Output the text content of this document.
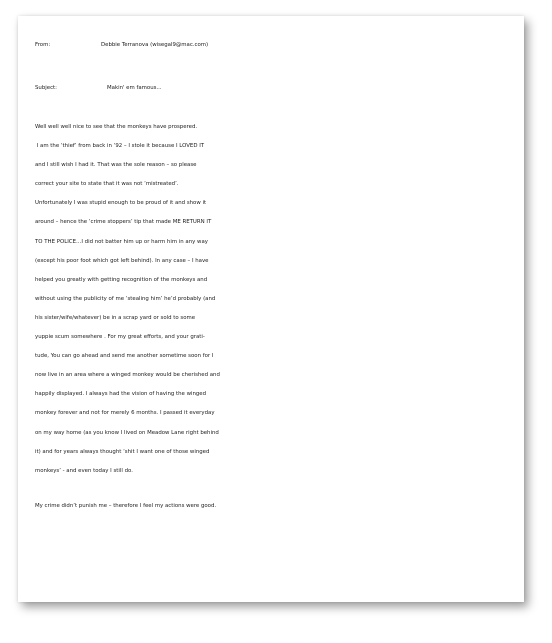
From:	Debbie Terranova (wisegal9@mac.com)
Subject:	Makin' em famous...
Well well well nice to see that the monkeys have prospered.
I am the ‘thief’ from back in ‘92 – I stole it because I LOVED IT
and I still wish I had it. That was the sole reason – so please
correct your site to state that it was not ‘mistreated’.
Unfortunately I was stupid enough to be proud of it and show it
around – hence the ‘crime stoppers’ tip that made ME RETURN IT
TO THE POLICE…I did not batter him up or harm him in any way
(except his poor foot which got left behind). In any case – I have
helped you greatly with getting recognition of the monkeys and
without using the publicity of me ‘stealing him’ he’d probably (and
his sister/wife/whatever) be in a scrap yard or sold to some
yuppie scum somewhere . For my great efforts, and your grati-
tude, You can go ahead and send me another sometime soon for I
now live in an area where a winged monkey would be cherished and
happily displayed. I always had the vision of having the winged
monkey forever and not for merely 6 months. I passed it everyday
on my way home (as you know I lived on Meadow Lane right behind
it) and for years always thought ‘shit I want one of those winged
monkeys’ - and even today I still do.
My crime didn’t punish me – therefore I feel my actions were good.
